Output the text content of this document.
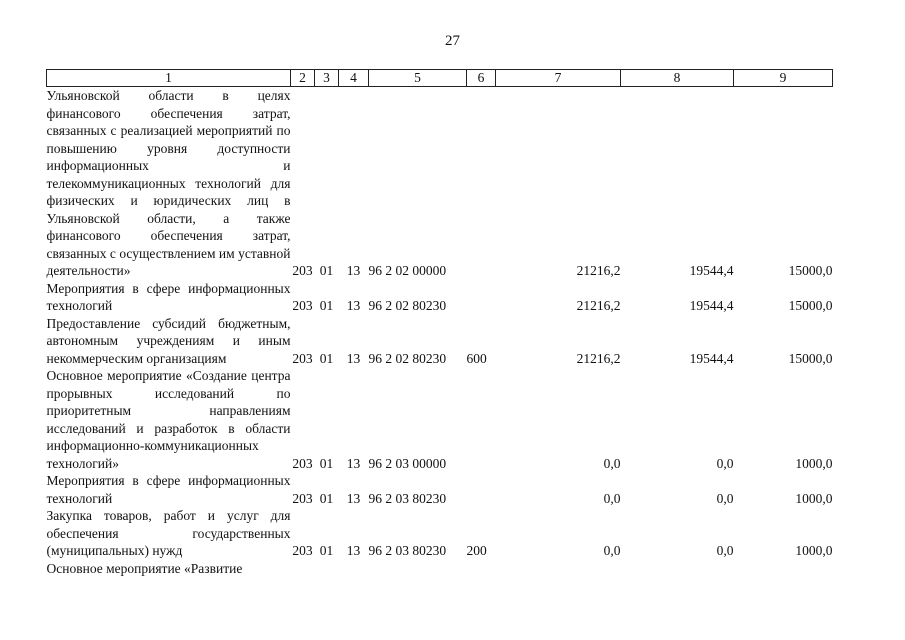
27
1	2	3	4	5	6	7	8	9
Ульяновской области в целях финансового обеспечения затрат, связанных с реализацией мероприятий по повышению уровня доступности информационных и телекоммуникационных технологий для физических и юридических лиц в Ульяновской области, а также финансового обеспечения затрат, связанных с осуществлением им уставной деятельности»	203	01	13	96 2 02 00000		21216,2	19544,4	15000,0
Мероприятия в сфере информационных технологий	203	01	13	96 2 02 80230		21216,2	19544,4	15000,0
Предоставление субсидий бюджетным, автономным учреждениям и иным некоммерческим организациям	203	01	13	96 2 02 80230	600	21216,2	19544,4	15000,0
Основное мероприятие «Создание центра прорывных исследований по приоритетным направлениям исследований и разработок в области информационно-коммуникационных технологий»	203	01	13	96 2 03 00000		0,0	0,0	1000,0
Мероприятия в сфере информационных технологий	203	01	13	96 2 03 80230		0,0	0,0	1000,0
Закупка товаров, работ и услуг для обеспечения государственных (муниципальных) нужд	203	01	13	96 2 03 80230	200	0,0	0,0	1000,0
Основное мероприятие «Развитие								
